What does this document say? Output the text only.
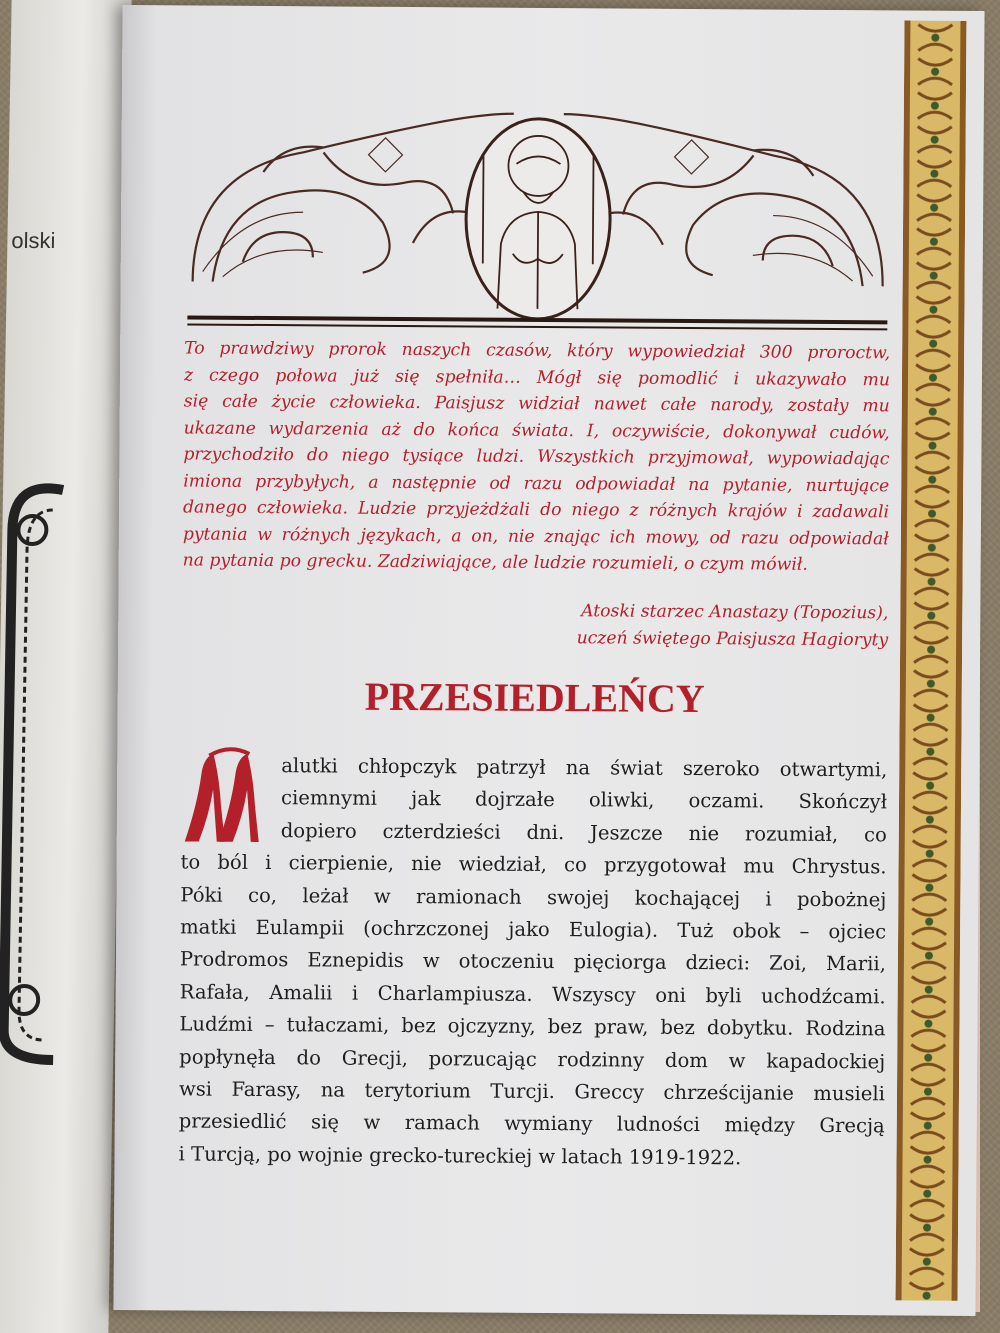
olski
To prawdziwy prorok naszych czasów, który wypowiedział 300 proroctw,
z czego połowa już się spełniła… Mógł się pomodlić i ukazywało mu
się całe życie człowieka. Paisjusz widział nawet całe narody, zostały mu
ukazane wydarzenia aż do końca świata. I, oczywiście, dokonywał cudów,
przychodziło do niego tysiące ludzi. Wszystkich przyjmował, wypowiadając
imiona przybyłych, a następnie od razu odpowiadał na pytanie, nurtujące
danego człowieka. Ludzie przyjeżdżali do niego z różnych krajów i zadawali
pytania w różnych językach, a on, nie znając ich mowy, od razu odpowiadał
na pytania po grecku. Zadziwiające, ale ludzie rozumieli, o czym mówił.
Atoski starzec Anastazy (Topozius),
uczeń świętego Paisjusza Hagioryty
PRZESIEDLEŃCY
alutki chłopczyk patrzył na świat szeroko otwartymi,
ciemnymi jak dojrzałe oliwki, oczami. Skończył
dopiero czterdzieści dni. Jeszcze nie rozumiał, co
to ból i cierpienie, nie wiedział, co przygotował mu Chrystus.
Póki co, leżał w ramionach swojej kochającej i pobożnej
matki Eulampii (ochrzczonej jako Eulogia). Tuż obok – ojciec
Prodromos Eznepidis w otoczeniu pięciorga dzieci: Zoi, Marii,
Rafała, Amalii i Charlampiusza. Wszyscy oni byli uchodźcami.
Ludźmi – tułaczami, bez ojczyzny, bez praw, bez dobytku. Rodzina
popłynęła do Grecji, porzucając rodzinny dom w kapadockiej
wsi Farasy, na terytorium Turcji. Greccy chrześcijanie musieli
przesiedlić się w ramach wymiany ludności między Grecją
i Turcją, po wojnie grecko-tureckiej w latach 1919-1922.
